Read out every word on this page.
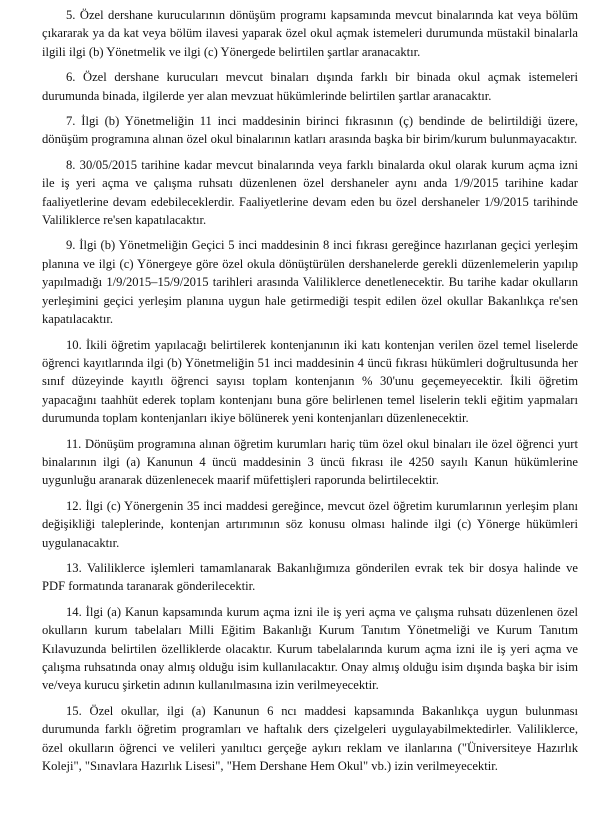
5. Özel dershane kurucularının dönüşüm programı kapsamında mevcut binalarında kat veya bölüm çıkararak ya da kat veya bölüm ilavesi yaparak özel okul açmak istemeleri durumunda müstakil binalarla ilgili ilgi (b) Yönetmelik ve ilgi (c) Yönergede belirtilen şartlar aranacaktır.

6. Özel dershane kurucuları mevcut binaları dışında farklı bir binada okul açmak istemeleri durumunda binada, ilgilerde yer alan mevzuat hükümlerinde belirtilen şartlar aranacaktır.

7. İlgi (b) Yönetmeliğin 11 inci maddesinin birinci fıkrasının (ç) bendinde de belirtildiği üzere, dönüşüm programına alınan özel okul binalarının katları arasında başka bir birim/kurum bulunmayacaktır.

8. 30/05/2015 tarihine kadar mevcut binalarında veya farklı binalarda okul olarak kurum açma izni ile iş yeri açma ve çalışma ruhsatı düzenlenen özel dershaneler aynı anda 1/9/2015 tarihine kadar faaliyetlerine devam edebileceklerdir. Faaliyetlerine devam eden bu özel dershaneler 1/9/2015 tarihinde Valiliklerce re'sen kapatılacaktır.

9. İlgi (b) Yönetmeliğin Geçici 5 inci maddesinin 8 inci fıkrası gereğince hazırlanan geçici yerleşim planına ve ilgi (c) Yönergeye göre özel okula dönüştürülen dershanelerde gerekli düzenlemelerin yapılıp yapılmadığı 1/9/2015–15/9/2015 tarihleri arasında Valiliklerce denetlenecektir. Bu tarihe kadar okulların yerleşimini geçici yerleşim planına uygun hale getirmediği tespit edilen özel okullar Bakanlıkça re'sen kapatılacaktır.

10. İkili öğretim yapılacağı belirtilerek kontenjanının iki katı kontenjan verilen özel temel liselerde öğrenci kayıtlarında ilgi (b) Yönetmeliğin 51 inci maddesinin 4 üncü fıkrası hükümleri doğrultusunda her sınıf düzeyinde kayıtlı öğrenci sayısı toplam kontenjanın % 30'unu geçemeyecektir. İkili öğretim yapacağını taahhüt ederek toplam kontenjanı buna göre belirlenen temel liselerin tekli eğitim yapmaları durumunda toplam kontenjanları ikiye bölünerek yeni kontenjanları düzenlenecektir.

11. Dönüşüm programına alınan öğretim kurumları hariç tüm özel okul binaları ile özel öğrenci yurt binalarının ilgi (a) Kanunun 4 üncü maddesinin 3 üncü fıkrası ile 4250 sayılı Kanun hükümlerine uygunluğu aranarak düzenlenecek maarif müfettişleri raporunda belirtilecektir.

12. İlgi (c) Yönergenin 35 inci maddesi gereğince, mevcut özel öğretim kurumlarının yerleşim planı değişikliği taleplerinde, kontenjan artırımının söz konusu olması halinde ilgi (c) Yönerge hükümleri uygulanacaktır.

13. Valiliklerce işlemleri tamamlanarak Bakanlığımıza gönderilen evrak tek bir dosya halinde ve PDF formatında taranarak gönderilecektir.

14. İlgi (a) Kanun kapsamında kurum açma izni ile iş yeri açma ve çalışma ruhsatı düzenlenen özel okulların kurum tabelaları Milli Eğitim Bakanlığı Kurum Tanıtım Yönetmeliği ve Kurum Tanıtım Kılavuzunda belirtilen özelliklerde olacaktır. Kurum tabelalarında kurum açma izni ile iş yeri açma ve çalışma ruhsatında onay almış olduğu isim kullanılacaktır. Onay almış olduğu isim dışında başka bir isim ve/veya kurucu şirketin adının kullanılmasına izin verilmeyecektir.

15. Özel okullar, ilgi (a) Kanunun 6 ncı maddesi kapsamında Bakanlıkça uygun bulunması durumunda farklı öğretim programları ve haftalık ders çizelgeleri uygulayabilmektedirler. Valiliklerce, özel okulların öğrenci ve velileri yanıltıcı gerçeğe aykırı reklam ve ilanlarına ("Üniversiteye Hazırlık Koleji", "Sınavlara Hazırlık Lisesi", "Hem Dershane Hem Okul" vb.) izin verilmeyecektir.
